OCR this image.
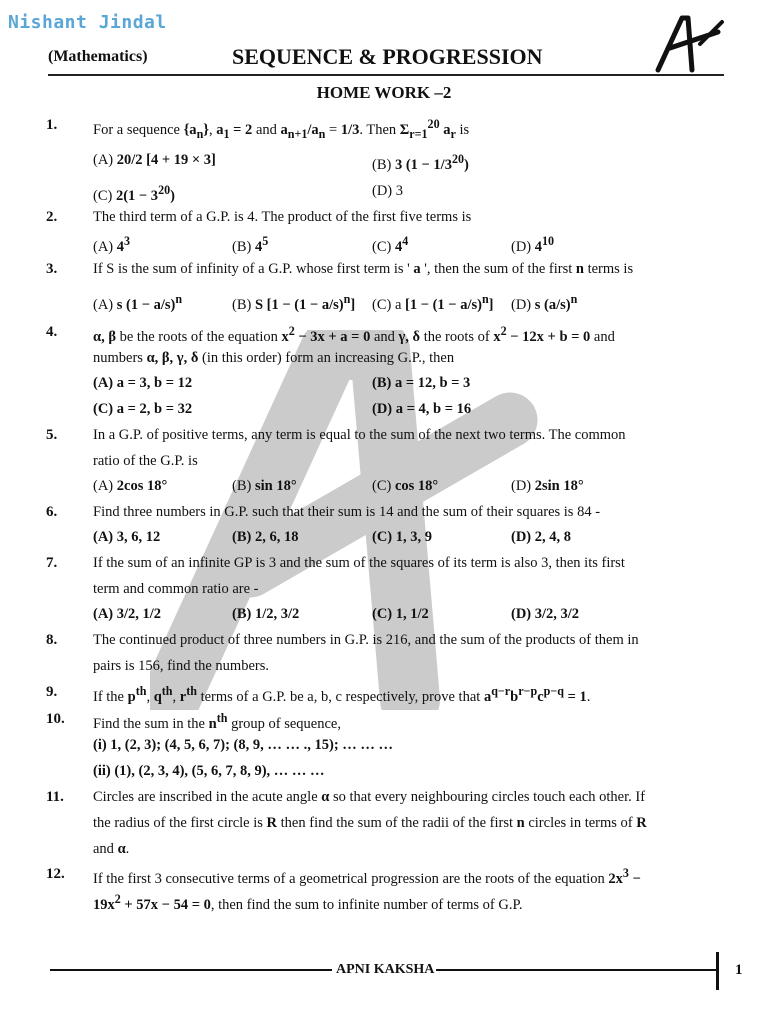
Nishant Jindal
(Mathematics)	SEQUENCE & PROGRESSION
HOME WORK –2
1. For a sequence $\{a_n\}$, $a_1 = 2$ and $a_{n+1}/a_n = 1/3$. Then $\Sigma_{r=1}^{20}$ $a_r$ is
(A) 20/2 [4 + 19 × 3]	(B) 3 $(1 - 1/3^{20})$
(C) $2(1 - 3^{20})$	(D) 3
2. The third term of a G.P. is 4. The product of the first five terms is
(A) $4^3$	(B) $4^5$	(C) $4^4$	(D) $4^{10}$
3. If S is the sum of infinity of a G.P. whose first term is ' a ', then the sum of the first n terms is
(A) s $(1 - a/s)^n$	(B) S $[1 - (1 - a/s)^n]$ (C) a $[1 - (1 - a/s)^n]$ (D) s $(a/s)^n$
4. α, β be the roots of the equation $x^2 - 3x + a = 0$ and γ, δ the roots of $x^2 - 12x + b = 0$ and
numbers α, β, γ, δ (in this order) form an increasing G.P., then
(A) a = 3, b = 12	(B) a = 12, b = 3
(C) a = 2, b = 32	(D) a = 4, b = 16
5. In a G.P. of positive terms, any term is equal to the sum of the next two terms. The common
ratio of the G.P. is
(A) 2cos 18°	(B) sin 18°	(C) cos 18°	(D) 2sin 18°
6. Find three numbers in G.P. such that their sum is 14 and the sum of their squares is 84 -
(A) 3, 6, 12	(B) 2, 6, 18	(C) 1, 3, 9	(D) 2, 4, 8
7. If the sum of an infinite GP is 3 and the sum of the squares of its term is also 3, then its first
term and common ratio are -
(A) 3/2, 1/2	(B) 1/2, 3/2	(C) 1, 1/2	(D) 3/2, 3/2
8. The continued product of three numbers in G.P. is 216, and the sum of the products of them in
pairs is 156, find the numbers.
9. If the $p^{th}$, $q^{th}$, $r^{th}$ terms of a G.P. be a, b, c respectively, prove that $a^{q-r}b^{r-p}c^{p-q} = 1$.
10. Find the sum in the $n^{th}$ group of sequence,
(i) 1, (2, 3); (4, 5, 6, 7); (8, 9, … … ., 15); … … …
(ii) (1), (2, 3, 4), (5, 6, 7, 8, 9), … … …
11. Circles are inscribed in the acute angle α so that every neighbouring circles touch each other. If
the radius of the first circle is R then find the sum of the radii of the first n circles in terms of R
and α.
12. If the first 3 consecutive terms of a geometrical progression are the roots of the equation $2x^3$ −
$19x^2 + 57x - 54 = 0$, then find the sum to infinite number of terms of G.P.
APNI KAKSHA	1
